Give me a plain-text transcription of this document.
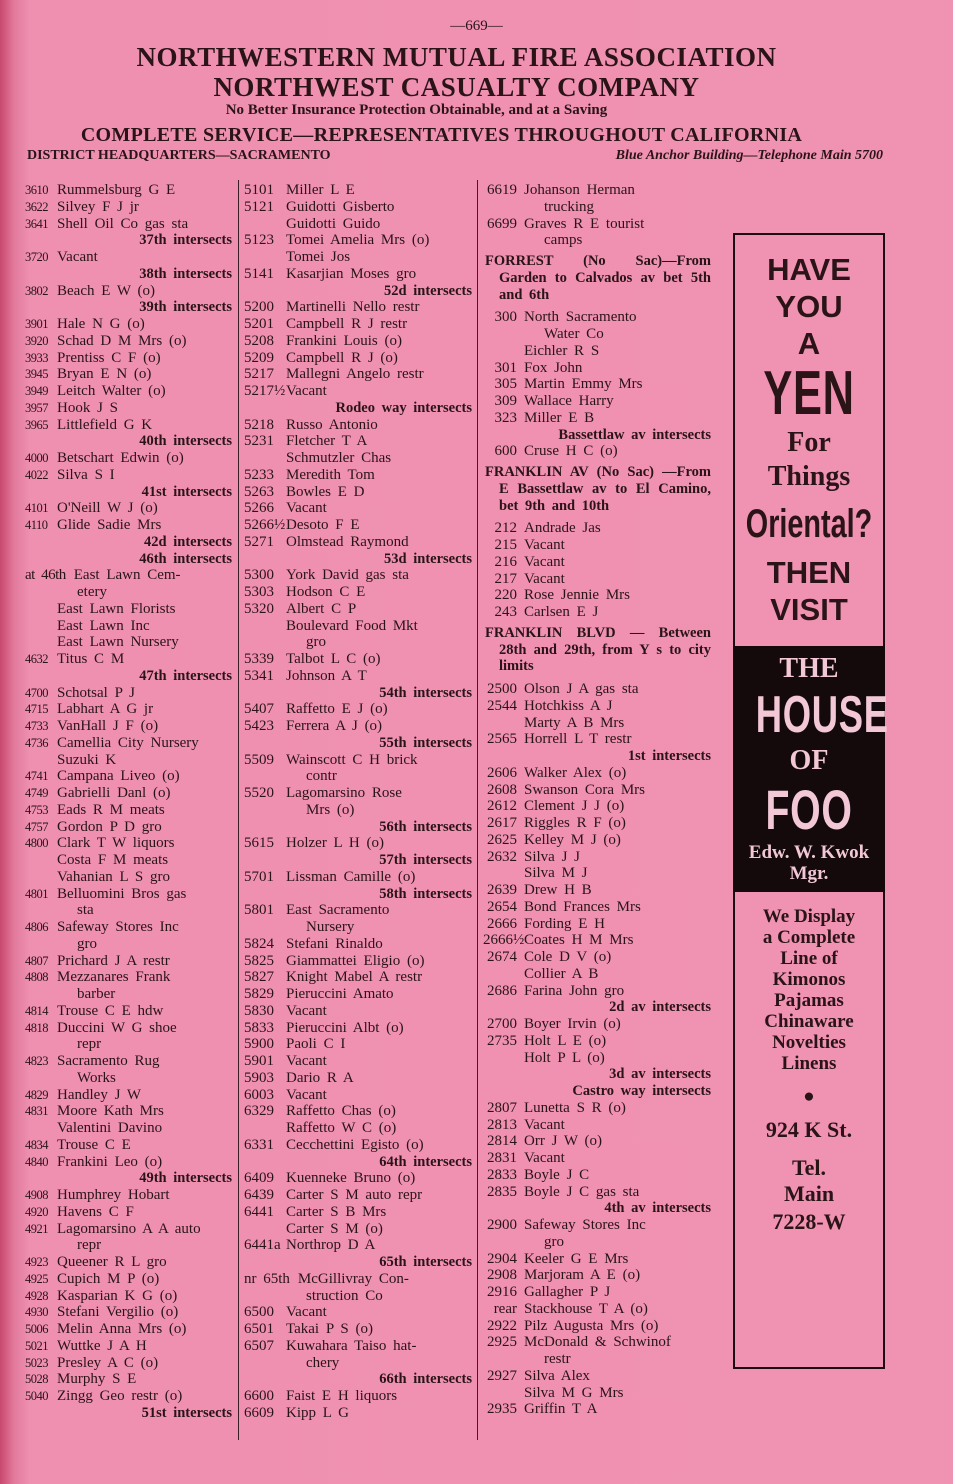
—669—
NORTHWESTERN MUTUAL FIRE ASSOCIATION
NORTHWEST CASUALTY COMPANY
No Better Insurance Protection Obtainable, and at a Saving
COMPLETE SERVICE—REPRESENTATIVES THROUGHOUT CALIFORNIA
DISTRICT HEADQUARTERS—SACRAMENTO	Blue Anchor Building—Telephone Main 5700
3610 Rummelsburg G E
3622 Silvey F J jr
3641 Shell Oil Co gas sta
37th intersects
3720 Vacant
38th intersects
3802 Beach E W (o)
39th intersects
3901 Hale N G (o)
3920 Schad D M Mrs (o)
3933 Prentiss C F (o)
3945 Bryan E N (o)
3949 Leitch Walter (o)
3957 Hook J S
3965 Littlefield G K
40th intersects
4000 Betschart Edwin (o)
4022 Silva S I
41st intersects
4101 O'Neill W J (o)
4110 Glide Sadie Mrs
42d intersects
46th intersects
at 46th East Lawn Cem-
etery
East Lawn Florists
East Lawn Inc
East Lawn Nursery
4632 Titus C M
47th intersects
4700 Schotsal P J
4715 Labhart A G jr
4733 VanHall J F (o)
4736 Camellia City Nursery
Suzuki K
4741 Campana Liveo (o)
4749 Gabrielli Danl (o)
4753 Eads R M meats
4757 Gordon P D gro
4800 Clark T W liquors
Costa F M meats
Vahanian L S gro
4801 Belluomini Bros gas
sta
4806 Safeway Stores Inc
gro
4807 Prichard J A restr
4808 Mezzanares Frank
barber
4814 Trouse C E hdw
4818 Duccini W G shoe
repr
4823 Sacramento Rug
Works
4829 Handley J W
4831 Moore Kath Mrs
Valentini Davino
4834 Trouse C E
4840 Frankini Leo (o)
49th intersects
4908 Humphrey Hobart
4920 Havens C F
4921 Lagomarsino A A auto
repr
4923 Queener R L gro
4925 Cupich M P (o)
4928 Kasparian K G (o)
4930 Stefani Vergilio (o)
5006 Melin Anna Mrs (o)
5021 Wuttke J A H
5023 Presley A C (o)
5028 Murphy S E
5040 Zingg Geo restr (o)
51st intersects
5101 Miller L E
5121 Guidotti Gisberto
Guidotti Guido
5123 Tomei Amelia Mrs (o)
Tomei Jos
5141 Kasarjian Moses gro
52d intersects
5200 Martinelli Nello restr
5201 Campbell R J restr
5208 Frankini Louis (o)
5209 Campbell R J (o)
5217 Mallegni Angelo restr
5217½Vacant
Rodeo way intersects
5218 Russo Antonio
5231 Fletcher T A
Schmutzler Chas
5233 Meredith Tom
5263 Bowles E D
5266 Vacant
5266½Desoto F E
5271 Olmstead Raymond
53d intersects
5300 York David gas sta
5303 Hodson C E
5320 Albert C P
Boulevard Food Mkt
gro
5339 Talbot L C (o)
5341 Johnson A T
54th intersects
5407 Raffetto E J (o)
5423 Ferrera A J (o)
55th intersects
5509 Wainscott C H brick
contr
5520 Lagomarsino Rose
Mrs (o)
56th intersects
5615 Holzer L H (o)
57th intersects
5701 Lissman Camille (o)
58th intersects
5801 East Sacramento
Nursery
5824 Stefani Rinaldo
5825 Giammattei Eligio (o)
5827 Knight Mabel A restr
5829 Pieruccini Amato
5830 Vacant
5833 Pieruccini Albt (o)
5900 Paoli C I
5901 Vacant
5903 Dario R A
6003 Vacant
6329 Raffetto Chas (o)
Raffetto W C (o)
6331 Cecchettini Egisto (o)
64th intersects
6409 Kuenneke Bruno (o)
6439 Carter S M auto repr
6441 Carter S B Mrs
Carter S M (o)
6441a Northrop D A
65th intersects
nr 65th McGillivray Con-
struction Co
6500 Vacant
6501 Takai P S (o)
6507 Kuwahara Taiso hat-
chery
66th intersects
6600 Faist E H liquors
6609 Kipp L G
6619 Johanson Herman
trucking
6699 Graves R E tourist
camps
FORREST (No Sac)—From Garden to Calvados av bet 5th and 6th
300 North Sacramento
Water Co
Eichler R S
301 Fox John
305 Martin Emmy Mrs
309 Wallace Harry
323 Miller E B
Bassettlaw av intersects
600 Cruse H C (o)
FRANKLIN AV (No Sac) —From E Bassettlaw av to El Camino, bet 9th and 10th
212 Andrade Jas
215 Vacant
216 Vacant
217 Vacant
220 Rose Jennie Mrs
243 Carlsen E J
FRANKLIN BLVD — Between 28th and 29th, from Y s to city limits
2500 Olson J A gas sta
2544 Hotchkiss A J
Marty A B Mrs
2565 Horrell L T restr
1st intersects
2606 Walker Alex (o)
2608 Swanson Cora Mrs
2612 Clement J J (o)
2617 Riggles R F (o)
2625 Kelley M J (o)
2632 Silva J J
Silva M J
2639 Drew H B
2654 Bond Frances Mrs
2666 Fording E H
2666½Coates H M Mrs
2674 Cole D V (o)
Collier A B
2686 Farina John gro
2d av intersects
2700 Boyer Irvin (o)
2735 Holt L E (o)
Holt P L (o)
3d av intersects
Castro way intersects
2807 Lunetta S R (o)
2813 Vacant
2814 Orr J W (o)
2831 Vacant
2833 Boyle J C
2835 Boyle J C gas sta
4th av intersects
2900 Safeway Stores Inc
gro
2904 Keeler G E Mrs
2908 Marjoram A E (o)
2916 Gallagher P J
rear Stackhouse T A (o)
2922 Pilz Augusta Mrs (o)
2925 McDonald & Schwinof
restr
2927 Silva Alex
Silva M G Mrs
2935 Griffin T A
HAVE
YOU
A
YEN
For
Things
Oriental?
THEN
VISIT
THE
HOUSE
OF
FOO
Edw. W. Kwok
Mgr.
We Display
a Complete
Line of
Kimonos
Pajamas
Chinaware
Novelties
Linens
●
924 K St.
Tel.
Main
7228-W
